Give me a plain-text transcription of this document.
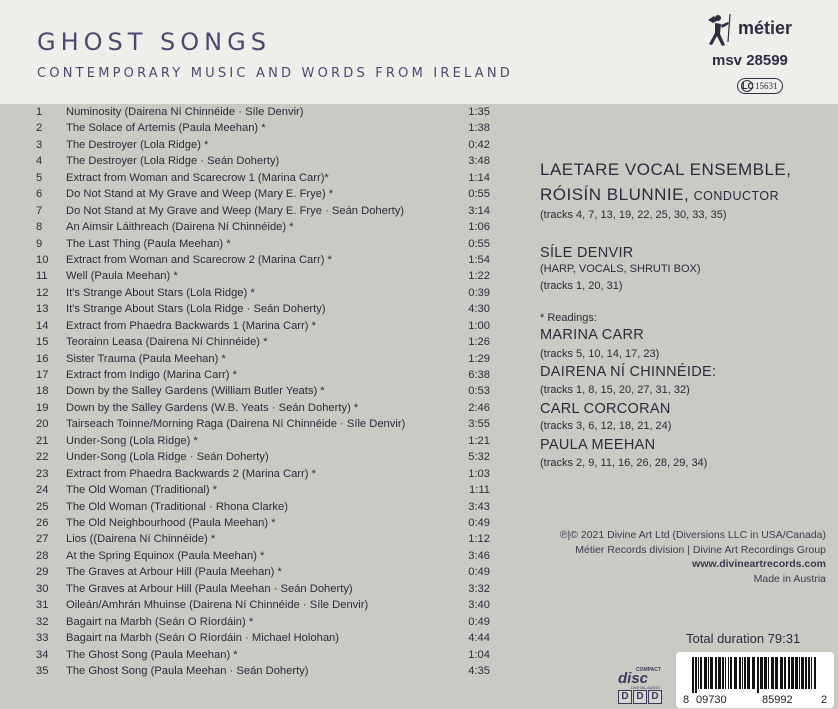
GHOST SONGS
CONTEMPORARY MUSIC AND WORDS FROM IRELAND
métier
msv 28599
LC 15631
1	Numinosity (Dairena Ní Chinnéide · Síle Denvir)	1:35
2	The Solace of Artemis (Paula Meehan) *	1:38
3	The Destroyer (Lola Ridge) *	0:42
4	The Destroyer (Lola Ridge · Seán Doherty)	3:48
5	Extract from Woman and Scarecrow 1 (Marina Carr)*	1:14
6	Do Not Stand at My Grave and Weep (Mary E. Frye) *	0:55
7	Do Not Stand at My Grave and Weep (Mary E. Frye · Seán Doherty)	3:14
8	An Aimsir Láithreach (Dairena Ní Chinnéide) *	1:06
9	The Last Thing (Paula Meehan) *	0:55
10	Extract from Woman and Scarecrow 2 (Marina Carr) *	1:54
11	Well (Paula Meehan) *	1:22
12	It's Strange About Stars (Lola Ridge) *	0:39
13	It's Strange About Stars (Lola Ridge · Seán Doherty)	4:30
14	Extract from Phaedra Backwards 1 (Marina Carr) *	1:00
15	Teorainn Leasa (Dairena Ní Chinnéide) *	1:26
16	Sister Trauma (Paula Meehan) *	1:29
17	Extract from Indigo (Marina Carr) *	6:38
18	Down by the Salley Gardens (William Butler Yeats) *	0:53
19	Down by the Salley Gardens (W.B. Yeats · Seán Doherty) *	2:46
20	Tairseach Toinne/Morning Raga (Dairena Ní Chinnéide · Síle Denvir)	3:55
21	Under-Song (Lola Ridge) *	1:21
22	Under-Song (Lola Ridge · Seán Doherty)	5:32
23	Extract from Phaedra Backwards 2 (Marina Carr) *	1:03
24	The Old Woman (Traditional) *	1:11
25	The Old Woman (Traditional · Rhona Clarke)	3:43
26	The Old Neighbourhood (Paula Meehan) *	0:49
27	Lios ((Dairena Ní Chinnéide) *	1:12
28	At the Spring Equinox (Paula Meehan) *	3:46
29	The Graves at Arbour Hill (Paula Meehan) *	0:49
30	The Graves at Arbour Hill (Paula Meehan · Seán Doherty)	3:32
31	Oileán/Amhrán Mhuinse (Dairena Ní Chinnéide · Síle Denvir)	3:40
32	Bagairt na Marbh (Seán O Ríordáin) *	0:49
33	Bagairt na Marbh (Seán O Ríordáin · Michael Holohan)	4:44
34	The Ghost Song (Paula Meehan) *	1:04
35	The Ghost Song (Paula Meehan · Seán Doherty)	4:35
LAETARE VOCAL ENSEMBLE,
RÓISÍN BLUNNIE, CONDUCTOR
(tracks 4, 7, 13, 19, 22, 25, 30, 33, 35)
SÍLE DENVIR
(HARP, VOCALS, SHRUTI BOX)
(tracks 1, 20, 31)
* Readings:
MARINA CARR
(tracks 5, 10, 14, 17, 23)
DAIRENA NÍ CHINNÉIDE:
(tracks 1, 8, 15, 20, 27, 31, 32)
CARL CORCORAN
(tracks 3, 6, 12, 18, 21, 24)
PAULA MEEHAN
(tracks 2, 9, 11, 16, 26, 28, 29, 34)
℗|© 2021 Divine Art Ltd (Diversions LLC in USA/Canada)
Métier Records division | Divine Art Recordings Group
www.divineartrecords.com
Made in Austria
Total duration 79:31
COMPACT
disc
DIGITAL AUDIO
D D D	8 09730	85992	2
